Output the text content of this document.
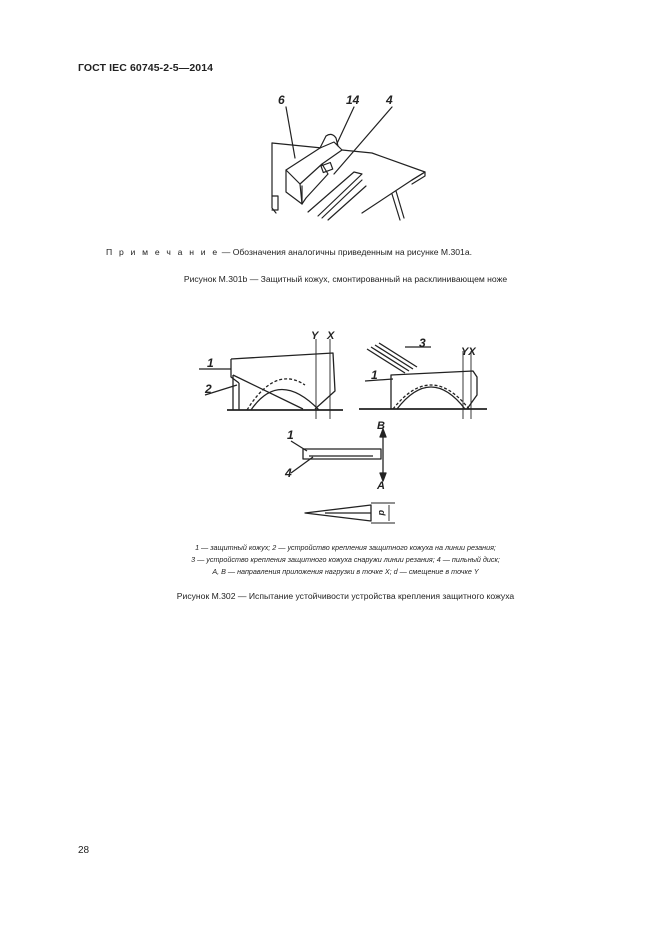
ГОСТ IEC 60745-2-5—2014
6	14 4
П р и м е ч а н и е — Обозначения аналогичны приведенным на рисунке М.301а.
Рисунок М.301b — Защитный кожух, смонтированный на расклинивающем ноже
1
2
Y X	3
1
YX
1
4
B
A
d
1 — защитный кожух; 2 — устройство крепления защитного кожуха на линии резания;
3 — устройство крепления защитного кожуха снаружи линии резания; 4 — пильный диск;
A, B — направления приложения нагрузки в точке X; d — смещение в точке Y
Рисунок М.302 — Испытание устойчивости устройства крепления защитного кожуха
28
